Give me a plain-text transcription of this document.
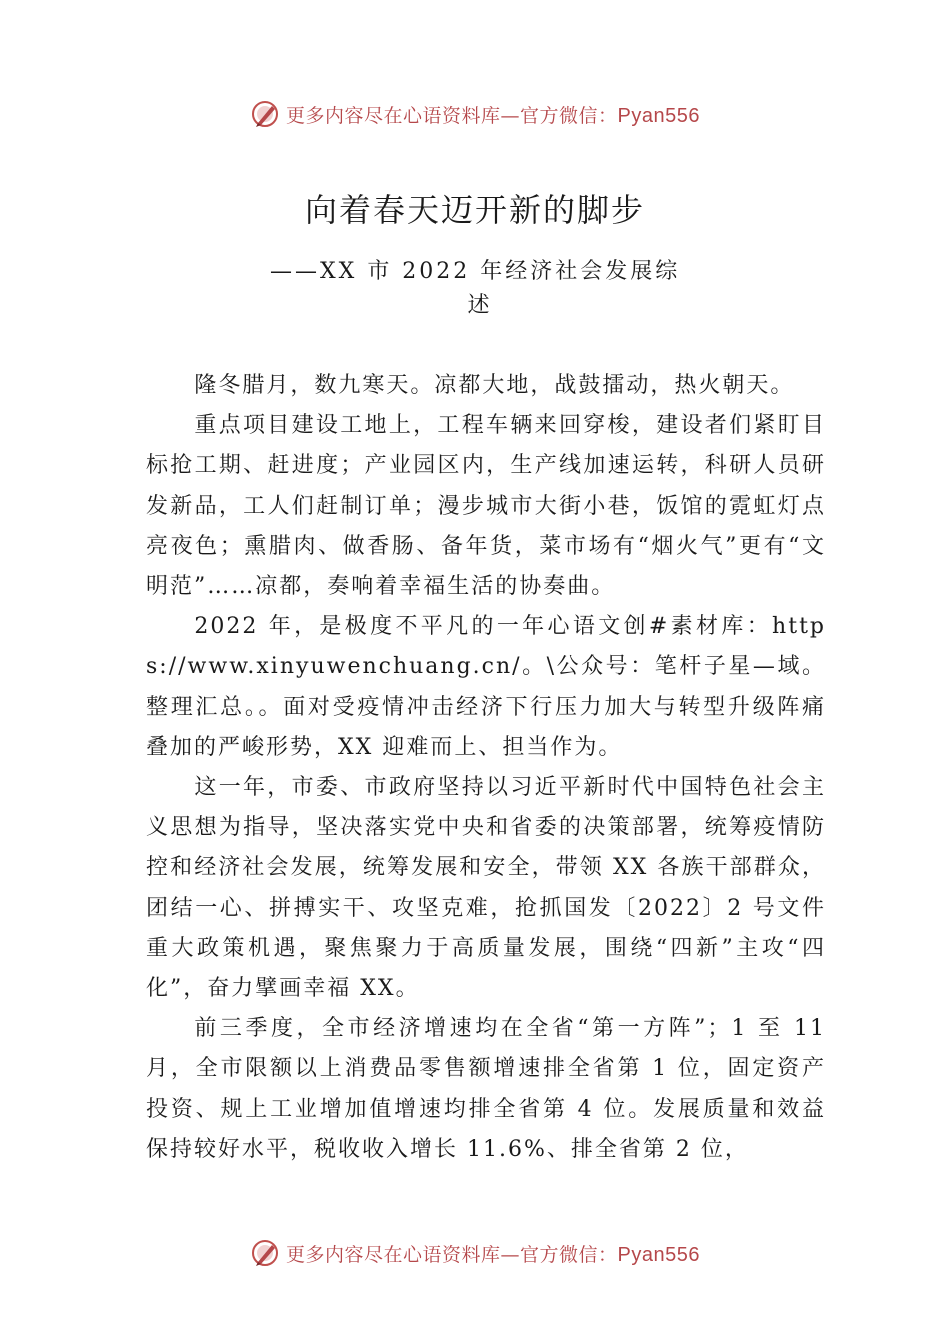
更多内容尽在心语资料库—官方微信：Pyan556
向着春天迈开新的脚步
——XX 市 2022 年经济社会发展综
述

隆冬腊月，数九寒天。凉都大地，战鼓擂动，热火朝天。

重点项目建设工地上，工程车辆来回穿梭，建设者们紧盯目标抢工期、赶进度；产业园区内，生产线加速运转，科研人员研发新品，工人们赶制订单；漫步城市大街小巷，饭馆的霓虹灯点亮夜色；熏腊肉、做香肠、备年货，菜市场有“烟火气”更有“文明范”……凉都，奏响着幸福生活的协奏曲。

2022 年，是极度不平凡的一年心语文创#素材库：https://www.xinyuwenchuang.cn/。\公众号：笔杆子星—域。整理汇总。。面对受疫情冲击经济下行压力加大与转型升级阵痛叠加的严峻形势，XX 迎难而上、担当作为。

这一年，市委、市政府坚持以习近平新时代中国特色社会主义思想为指导，坚决落实党中央和省委的决策部署，统筹疫情防控和经济社会发展，统筹发展和安全，带领 XX 各族干部群众，团结一心、拼搏实干、攻坚克难，抢抓国发〔2022〕2 号文件重大政策机遇，聚焦聚力于高质量发展，围绕“四新”主攻“四化”，奋力擘画幸福 XX。

前三季度，全市经济增速均在全省“第一方阵”；1 至 11 月，全市限额以上消费品零售额增速排全省第 1 位，固定资产投资、规上工业增加值增速均排全省第 4 位。发展质量和效益保持较好水平，税收收入增长 11.6%、排全省第 2 位，

更多内容尽在心语资料库—官方微信：Pyan556
